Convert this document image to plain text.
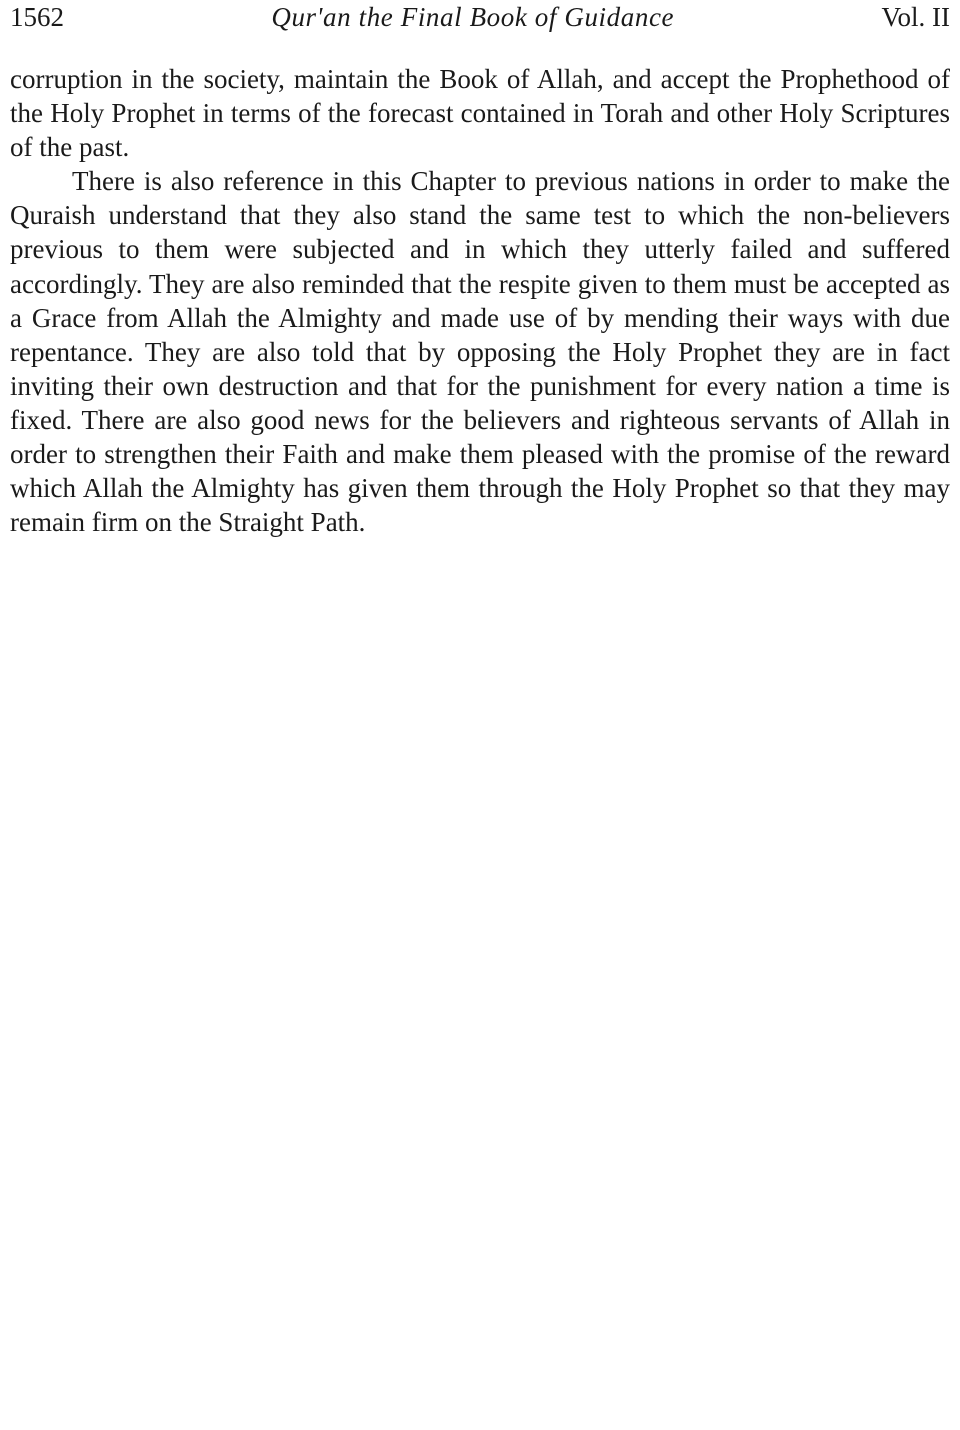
1562	Qur'an the Final Book of Guidance	Vol. II

corruption in the society, maintain the Book of Allah, and accept the Prophethood of the Holy Prophet in terms of the forecast contained in Torah and other Holy Scriptures of the past.

There is also reference in this Chapter to previous nations in order to make the Quraish understand that they also stand the same test to which the non-believers previous to them were subjected and in which they utterly failed and suffered accordingly. They are also reminded that the respite given to them must be accepted as a Grace from Allah the Almighty and made use of by mending their ways with due repentance. They are also told that by opposing the Holy Prophet they are in fact inviting their own destruction and that for the punishment for every nation a time is fixed. There are also good news for the believers and righteous servants of Allah in order to strengthen their Faith and make them pleased with the promise of the reward which Allah the Almighty has given them through the Holy Prophet so that they may remain firm on the Straight Path.
